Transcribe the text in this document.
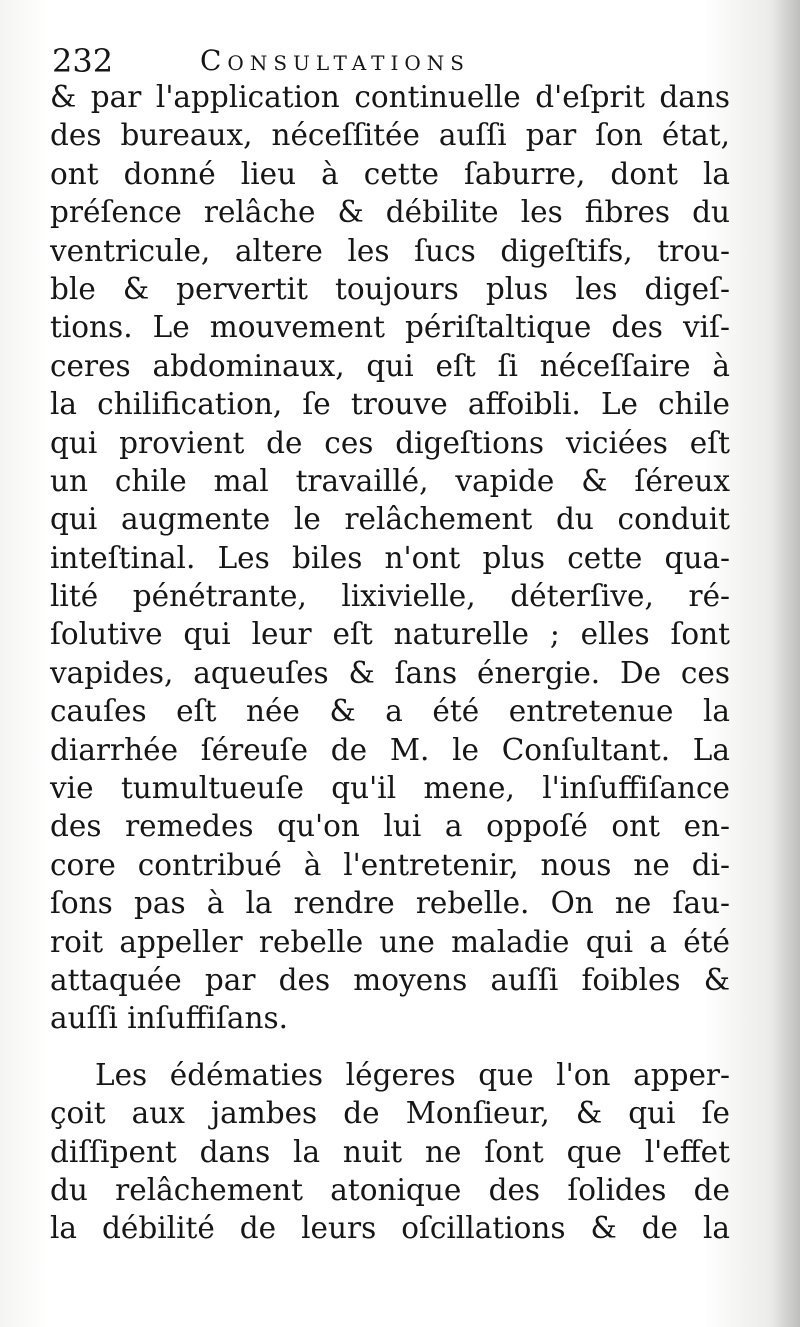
232	Consultations
& par l'application continuelle d'eſprit dans
des bureaux, néceſſitée auſſi par ſon état,
ont donné lieu à cette ſaburre, dont la
préſence relâche & débilite les fibres du
ventricule, altere les ſucs digeſtifs, trou-
ble & pervertit toujours plus les digeſ-
tions. Le mouvement périſtaltique des viſ-
ceres abdominaux, qui eſt ſi néceſſaire à
la chilification, ſe trouve affoibli. Le chile
qui provient de ces digeſtions viciées eſt
un chile mal travaillé, vapide & ſéreux
qui augmente le relâchement du conduit
inteſtinal. Les biles n'ont plus cette qua-
lité pénétrante, lixivielle, déterſive, ré-
ſolutive qui leur eſt naturelle ; elles ſont
vapides, aqueuſes & ſans énergie. De ces
cauſes eſt née & a été entretenue la
diarrhée ſéreuſe de M. le Conſultant. La
vie tumultueuſe qu'il mene, l'inſuffiſance
des remedes qu'on lui a oppoſé ont en-
core contribué à l'entretenir, nous ne di-
ſons pas à la rendre rebelle. On ne ſau-
roit appeller rebelle une maladie qui a été
attaquée par des moyens auſſi foibles &
auſſi inſuffiſans.
Les édématies légeres que l'on apper-
çoit aux jambes de Monſieur, & qui ſe
diſſipent dans la nuit ne ſont que l'effet
du relâchement atonique des ſolides de
la débilité de leurs oſcillations & de la
